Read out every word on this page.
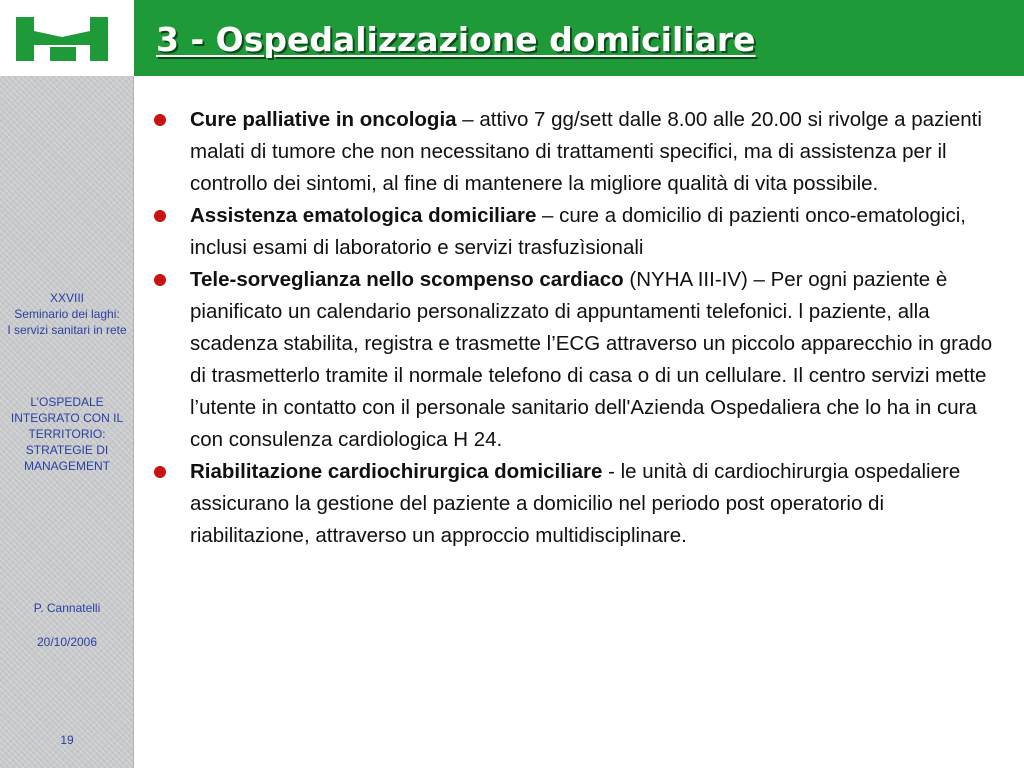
3 - Ospedalizzazione domiciliare
XXVIII
Seminario dei laghi:
I servizi sanitari in rete
L’OSPEDALE INTEGRATO CON IL TERRITORIO: STRATEGIE DI MANAGEMENT
P. Cannatelli
20/10/2006
19
Cure palliative in oncologia – attivo 7 gg/sett dalle 8.00 alle 20.00 si rivolge a pazienti malati di tumore che non necessitano di trattamenti specifici, ma di assistenza per il controllo dei sintomi, al fine di mantenere la migliore qualità di vita possibile.
Assistenza ematologica domiciliare – cure a domicilio di pazienti onco-ematologici, inclusi esami di laboratorio e servizi trasfuzìsionali
Tele-sorveglianza nello scompenso cardiaco (NYHA III-IV) – Per ogni paziente è pianificato un calendario personalizzato di appuntamenti telefonici. l paziente, alla scadenza stabilita, registra e trasmette l’ECG attraverso un piccolo apparecchio in grado di trasmetterlo tramite il normale telefono di casa o di un cellulare. Il centro servizi mette l’utente in contatto con il personale sanitario dell'Azienda Ospedaliera che lo ha in cura con consulenza cardiologica H 24.
Riabilitazione cardiochirurgica domiciliare - le unità di cardiochirurgia ospedaliere assicurano la gestione del paziente a domicilio nel periodo post operatorio di riabilitazione, attraverso un approccio multidisciplinare.
